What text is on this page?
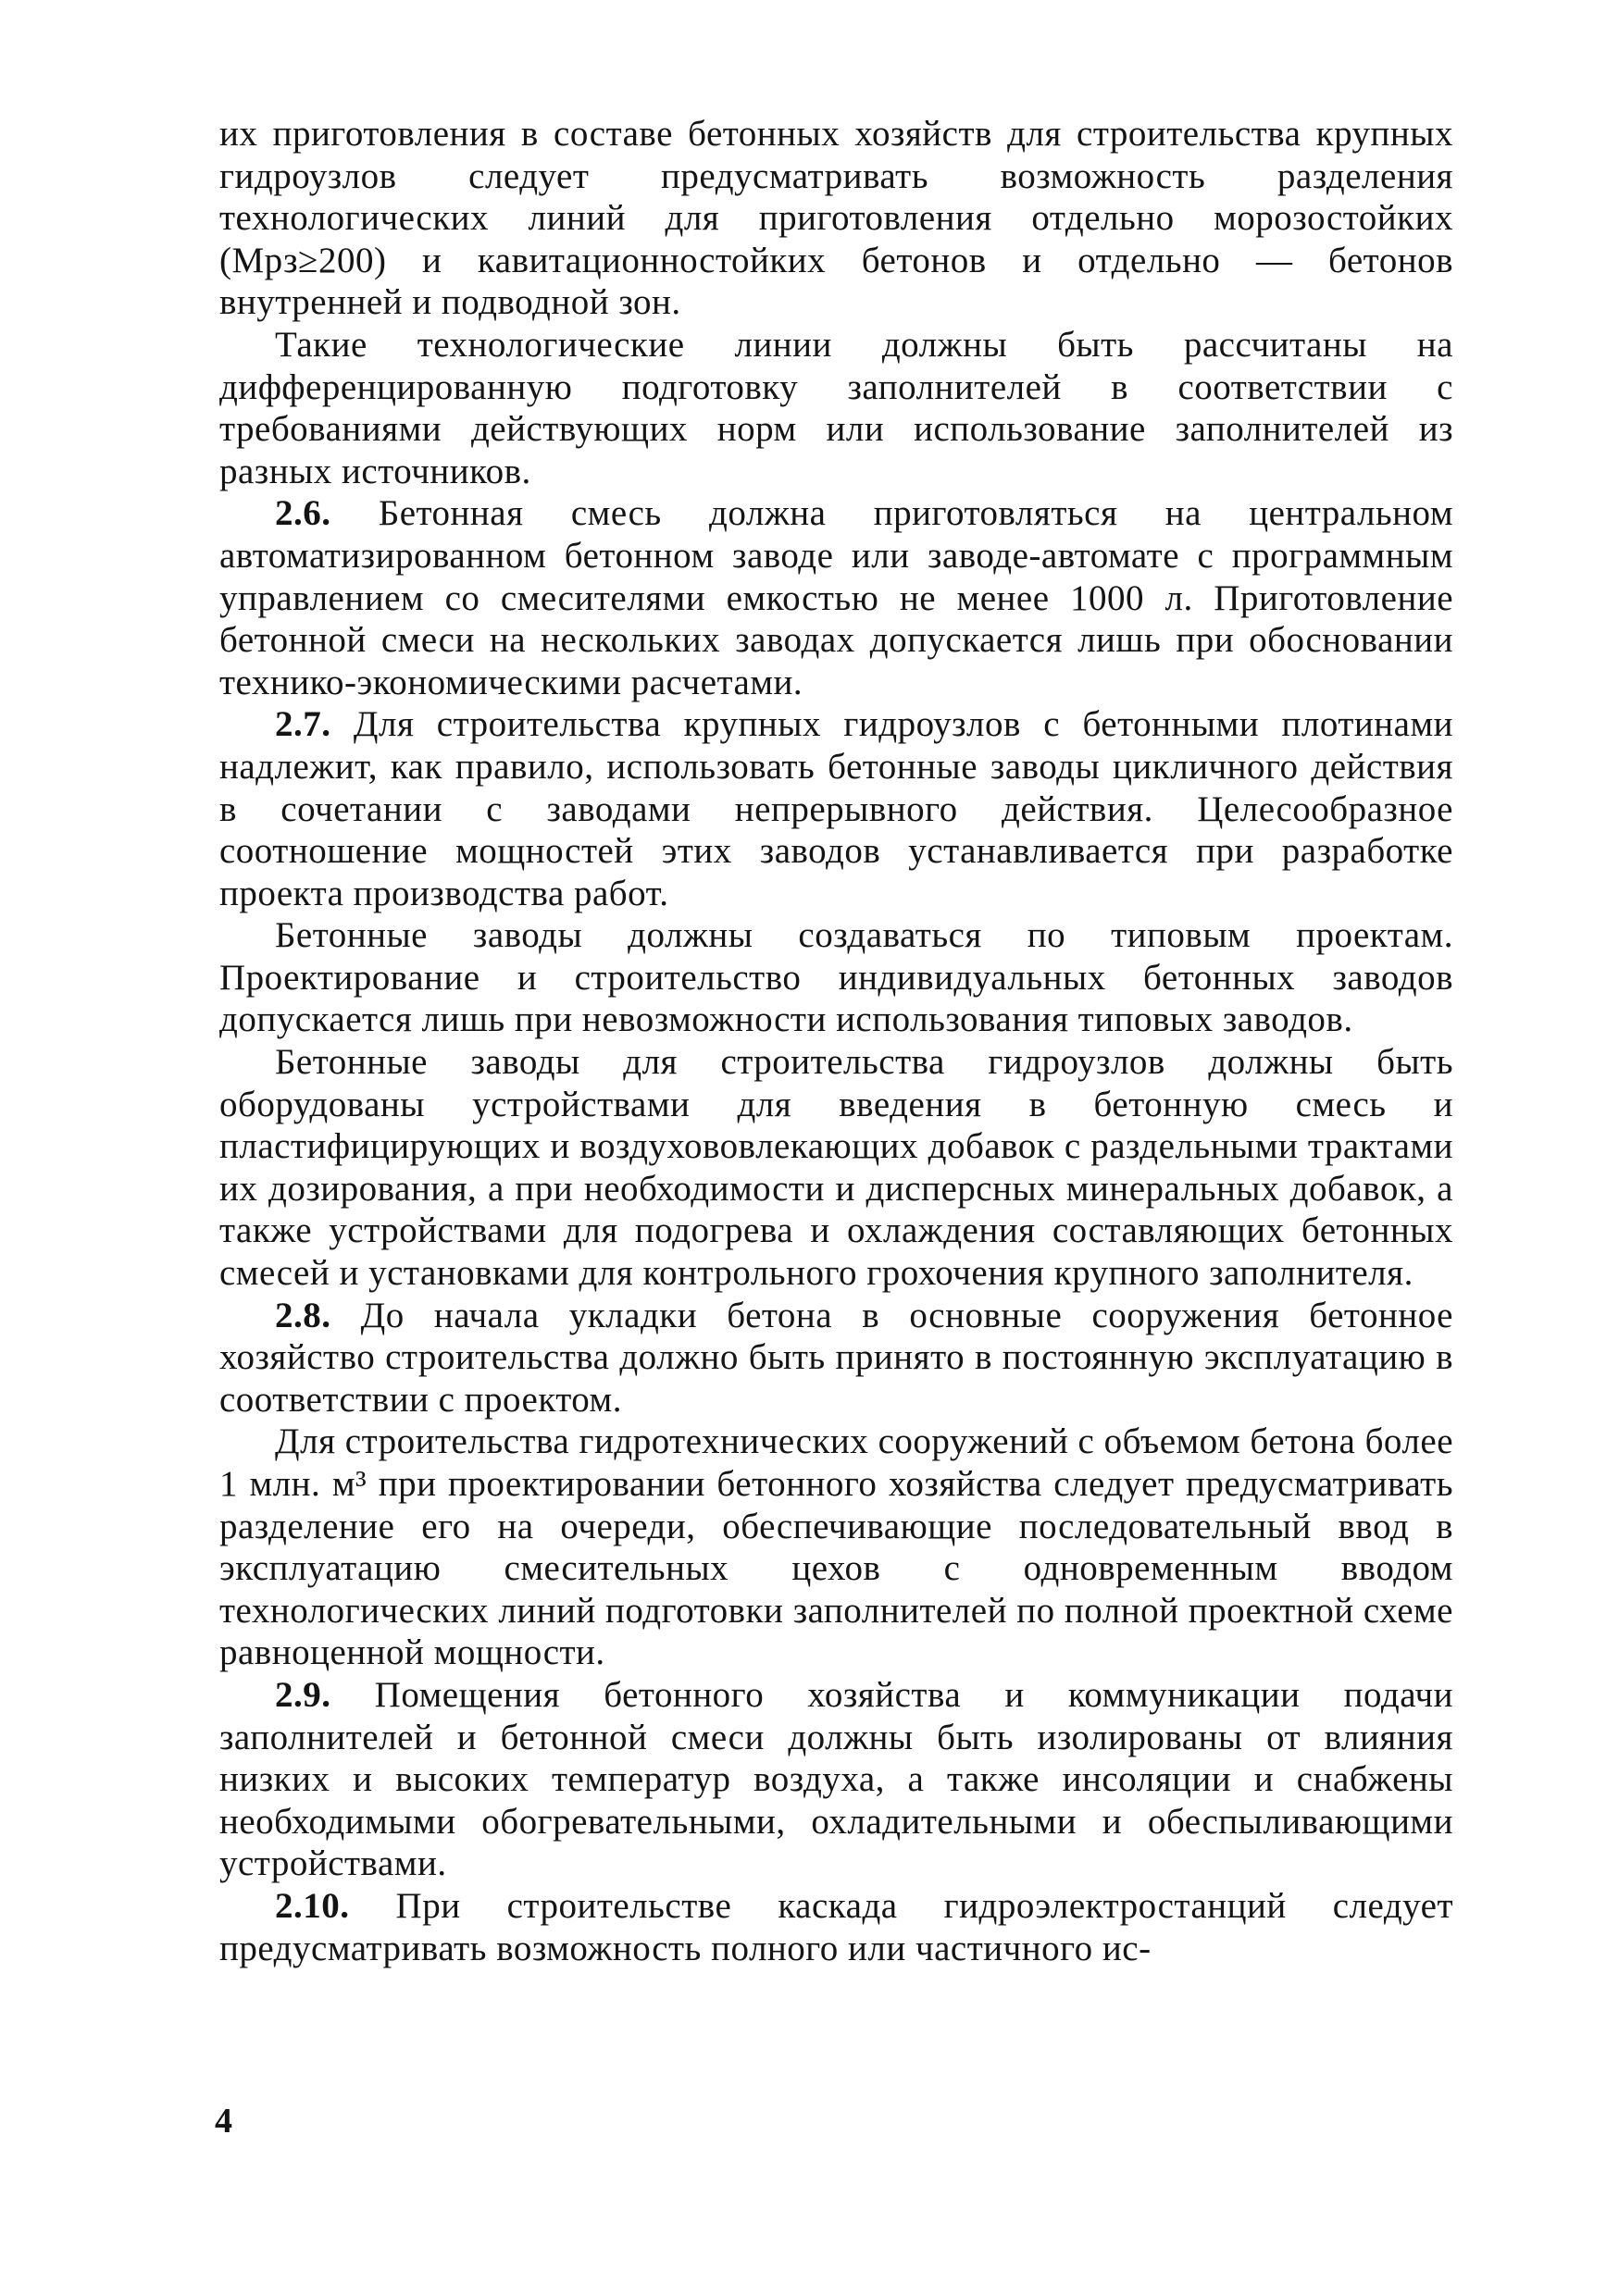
их приготовления в составе бетонных хозяйств для строительства крупных гидроузлов следует предусматривать возможность разделения технологических линий для приготовления отдельно морозостойких (Мрз≥200) и кавитационностойких бетонов и отдельно — бетонов внутренней и подводной зон.

Такие технологические линии должны быть рассчитаны на дифференцированную подготовку заполнителей в соответствии с требованиями действующих норм или использование заполнителей из разных источников.

2.6. Бетонная смесь должна приготовляться на центральном автоматизированном бетонном заводе или заводе-автомате с программным управлением со смесителями емкостью не менее 1000 л. Приготовление бетонной смеси на нескольких заводах допускается лишь при обосновании технико-экономическими расчетами.

2.7. Для строительства крупных гидроузлов с бетонными плотинами надлежит, как правило, использовать бетонные заводы цикличного действия в сочетании с заводами непрерывного действия. Целесообразное соотношение мощностей этих заводов устанавливается при разработке проекта производства работ.

Бетонные заводы должны создаваться по типовым проектам. Проектирование и строительство индивидуальных бетонных заводов допускается лишь при невозможности использования типовых заводов.

Бетонные заводы для строительства гидроузлов должны быть оборудованы устройствами для введения в бетонную смесь и пластифицирующих и воздухововлекающих добавок с раздельными трактами их дозирования, а при необходимости и дисперсных минеральных добавок, а также устройствами для подогрева и охлаждения составляющих бетонных смесей и установками для контрольного грохочения крупного заполнителя.

2.8. До начала укладки бетона в основные сооружения бетонное хозяйство строительства должно быть принято в постоянную эксплуатацию в соответствии с проектом.

Для строительства гидротехнических сооружений с объемом бетона более 1 млн. м³ при проектировании бетонного хозяйства следует предусматривать разделение его на очереди, обеспечивающие последовательный ввод в эксплуатацию смесительных цехов с одновременным вводом технологических линий подготовки заполнителей по полной проектной схеме равноценной мощности.

2.9. Помещения бетонного хозяйства и коммуникации подачи заполнителей и бетонной смеси должны быть изолированы от влияния низких и высоких температур воздуха, а также инсоляции и снабжены необходимыми обогревательными, охладительными и обеспыливающими устройствами.

2.10. При строительстве каскада гидроэлектростанций следует предусматривать возможность полного или частичного ис-

4
